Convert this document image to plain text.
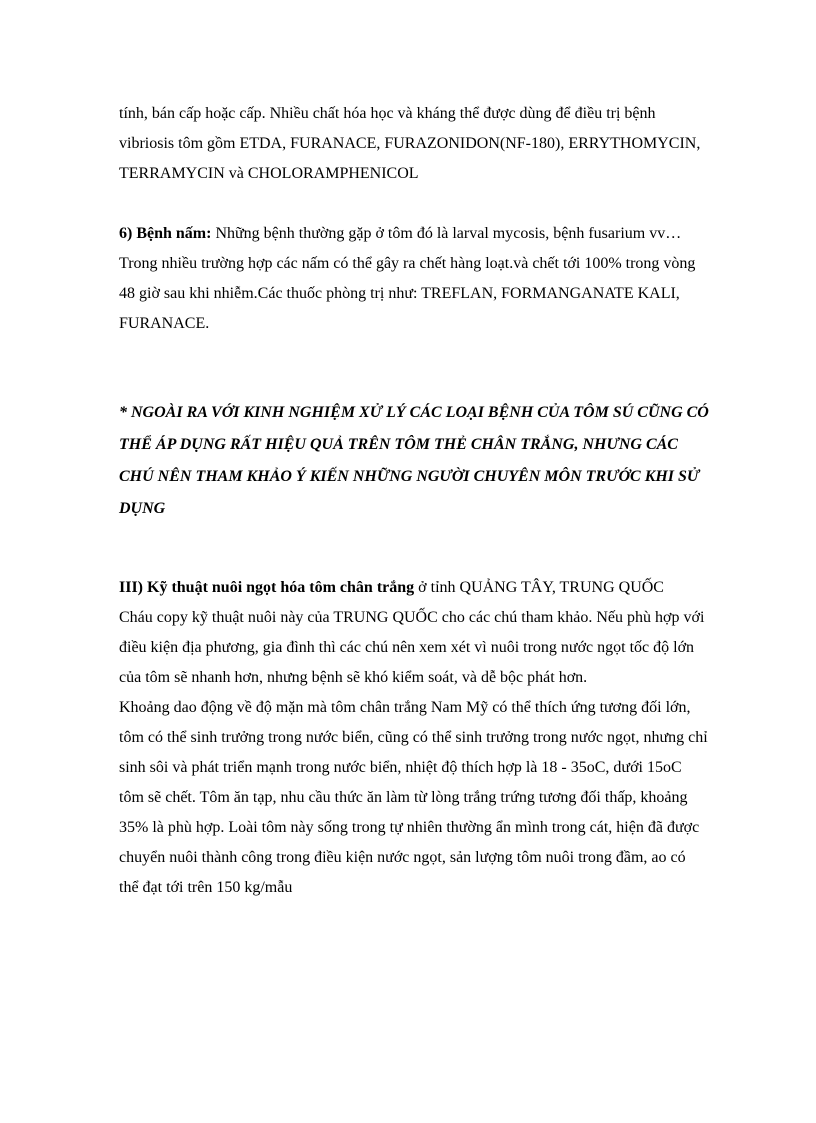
tính, bán cấp hoặc cấp. Nhiều chất hóa học và kháng thể được dùng để điều trị bệnh vibriosis tôm gồm ETDA, FURANACE, FURAZONIDON(NF-180), ERRYTHOMYCIN, TERRAMYCIN và CHOLORAMPHENICOL

6) Bệnh nấm: Những bệnh thường gặp ở tôm đó là larval mycosis, bệnh fusarium vv…Trong nhiều trường hợp các nấm có thể gây ra chết hàng loạt.và chết tới 100% trong vòng 48 giờ sau khi nhiễm.Các thuốc phòng trị như: TREFLAN, FORMANGANATE KALI, FURANACE.

* NGOÀI RA VỚI KINH NGHIỆM XỬ LÝ CÁC LOẠI BỆNH CỦA TÔM SÚ CŨNG CÓ THỂ ÁP DỤNG RẤT HIỆU QUẢ TRÊN TÔM THẺ CHÂN TRẮNG, NHƯNG CÁC CHÚ NÊN THAM KHẢO Ý KIẾN NHỮNG NGƯỜI CHUYÊN MÔN TRƯỚC KHI SỬ DỤNG

III) Kỹ thuật nuôi ngọt hóa tôm chân trắng ở tỉnh QUẢNG TÂY, TRUNG QUỐC

Cháu copy kỹ thuật nuôi này của TRUNG QUỐC cho các chú tham khảo. Nếu phù hợp với điều kiện địa phương, gia đình thì các chú nên xem xét vì nuôi trong nước ngọt tốc độ lớn của tôm sẽ nhanh hơn, nhưng bệnh sẽ khó kiểm soát, và dễ bộc phát hơn.

Khoảng dao động về độ mặn mà tôm chân trắng Nam Mỹ có thể thích ứng tương đối lớn, tôm có thể sinh trưởng trong nước biển, cũng có thể sinh trưởng trong nước ngọt, nhưng chỉ sinh sôi và phát triển mạnh trong nước biển, nhiệt độ thích hợp là 18 - 35oC, dưới 15oC tôm sẽ chết. Tôm ăn tạp, nhu cầu thức ăn làm từ lòng trắng trứng tương đối thấp, khoảng 35% là phù hợp. Loài tôm này sống trong tự nhiên thường ẩn mình trong cát, hiện đã được chuyển nuôi thành công trong điều kiện nước ngọt, sản lượng tôm nuôi trong đầm, ao có thể đạt tới trên 150 kg/mẫu
